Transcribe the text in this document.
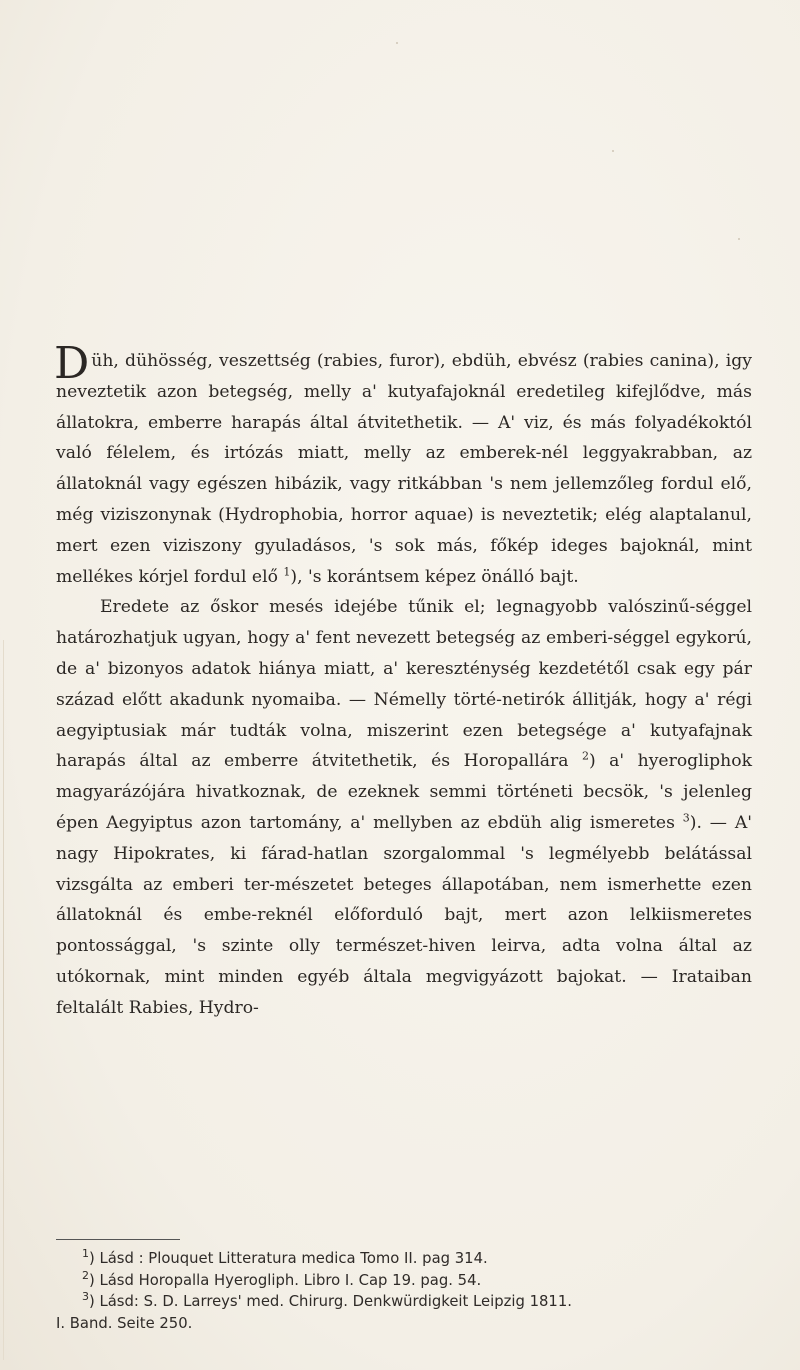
Düh, dühösség, veszettség (rabies, furor), ebdüh, ebvész (rabies canina), igy neveztetik azon betegség, melly a' kutyafajoknál eredetileg kifejlődve, más állatokra, emberre harapás által átvitethetik. — A' viz, és más folyadékoktól való félelem, és irtózás miatt, melly az emberek-nél leggyakrabban, az állatoknál vagy egészen hibázik, vagy ritkábban 's nem jellemzőleg fordul elő, még viziszonynak (Hydrophobia, horror aquae) is neveztetik; elég alaptalanul, mert ezen viziszony gyuladásos, 's sok más, főkép ideges bajoknál, mint mellékes kórjel fordul elő $^1$), 's korántsem képez önálló bajt.

Eredete az őskor mesés idejébe tűnik el; legnagyobb valószinű-séggel határozhatjuk ugyan, hogy a' fent nevezett betegség az emberi-séggel egykorú, de a' bizonyos adatok hiánya miatt, a' kereszténység kezdetétől csak egy pár század előtt akadunk nyomaiba. — Némelly törté-netirók állitják, hogy a' régi aegyiptusiak már tudták volna, miszerint ezen betegsége a' kutyafajnak harapás által az emberre átvitethetik, és Horopallára $^2$) a' hyerogliphok magyarázójára hivatkoznak, de ezeknek semmi történeti becsök, 's jelenleg épen Aegyiptus azon tartomány, a' mellyben az ebdüh alig ismeretes $^3$). — A' nagy Hipokrates, ki fárad-hatlan szorgalommal 's legmélyebb belátással vizsgálta az emberi ter-mészetet beteges állapotában, nem ismerhette ezen állatoknál és embe-reknél előforduló bajt, mert azon lelkiismeretes pontossággal, 's szinte olly természet-hiven leirva, adta volna által az utókornak, mint minden egyéb általa megvigyázott bajokat. — Irataiban feltalált Rabies, Hydro-

$^1$) Lásd : Plouquet Litteratura medica Tomo II. pag 314.

$^2$) Lásd Horopalla Hyerogliph. Libro I. Cap 19. pag. 54.

$^3$) Lásd: S. D. Larreys' med. Chirurg. Denkwürdigkeit Leipzig 1811.

I. Band. Seite 250.
